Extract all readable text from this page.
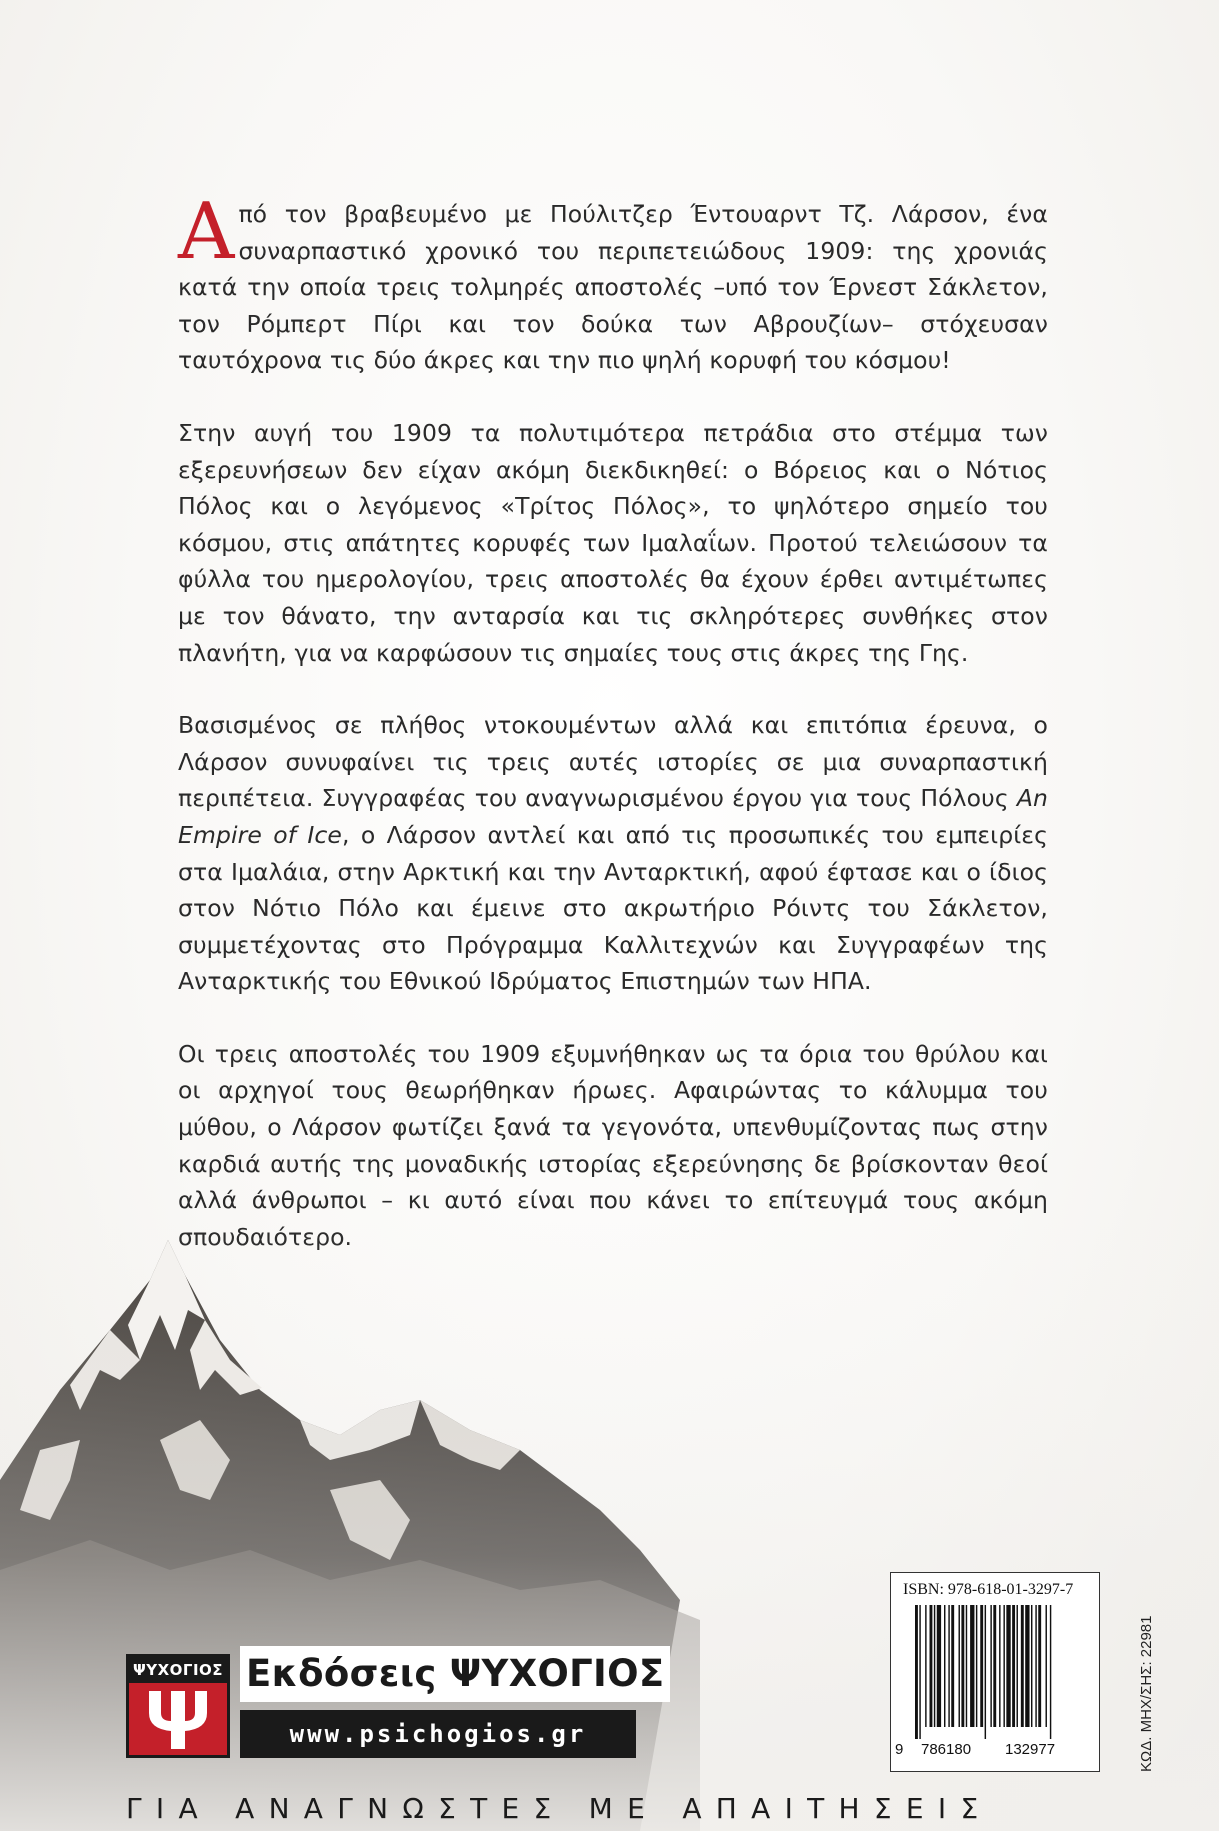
Από τον βραβευμένο με Πούλιτζερ Έντουαρντ Τζ. Λάρσον, ένα συναρπαστικό χρονικό του περιπετειώδους 1909: της χρονιάς κατά την οποία τρεις τολμηρές αποστολές –υπό τον Έρνεστ Σάκλετον, τον Ρόμπερτ Πίρι και τον δούκα των Αβρουζίων– στόχευσαν ταυτόχρονα τις δύο άκρες και την πιο ψηλή κορυφή του κόσμου!

Στην αυγή του 1909 τα πολυτιμότερα πετράδια στο στέμμα των εξερευνήσεων δεν είχαν ακόμη διεκδικηθεί: ο Βόρειος και ο Νότιος Πόλος και ο λεγόμενος «Τρίτος Πόλος», το ψηλότερο σημείο του κόσμου, στις απάτητες κορυφές των Ιμαλαΐων. Προτού τελειώσουν τα φύλλα του ημερολογίου, τρεις αποστολές θα έχουν έρθει αντιμέτωπες με τον θάνατο, την ανταρσία και τις σκληρότερες συνθήκες στον πλανήτη, για να καρφώσουν τις σημαίες τους στις άκρες της Γης.

Βασισμένος σε πλήθος ντοκουμέντων αλλά και επιτόπια έρευνα, ο Λάρσον συνυφαίνει τις τρεις αυτές ιστορίες σε μια συναρπαστική περιπέτεια. Συγγραφέας του αναγνωρισμένου έργου για τους Πόλους An Empire of Ice, ο Λάρσον αντλεί και από τις προσωπικές του εμπειρίες στα Ιμαλάια, στην Αρκτική και την Ανταρκτική, αφού έφτασε και ο ίδιος στον Νότιο Πόλο και έμεινε στο ακρωτήριο Ρόιντς του Σάκλετον, συμμετέχοντας στο Πρόγραμμα Καλλιτεχνών και Συγγραφέων της Ανταρκτικής του Εθνικού Ιδρύματος Επιστημών των ΗΠΑ.

Οι τρεις αποστολές του 1909 εξυμνήθηκαν ως τα όρια του θρύλου και οι αρχηγοί τους θεωρήθηκαν ήρωες. Αφαιρώντας το κάλυμμα του μύθου, ο Λάρσον φωτίζει ξανά τα γεγονότα, υπενθυμίζοντας πως στην καρδιά αυτής της μοναδικής ιστορίας εξερεύνησης δε βρίσκονταν θεοί αλλά άνθρωποι – κι αυτό είναι που κάνει το επίτευγμά τους ακόμη

ΨΥΧΟΓΙΟΣ Εκδόσεις ΨΥΧΟΓΙΟΣ
www.psichogios.gr
ISBN: 978-618-01-3297-7
9 786180 132977	ΚΩΔ. ΜΗΧ/ΣΗΣ: 22981
ΓΙΑ ΑΝΑΓΝΩΣΤΕΣ ΜΕ ΑΠΑΙΤΗΣΕΙΣ
